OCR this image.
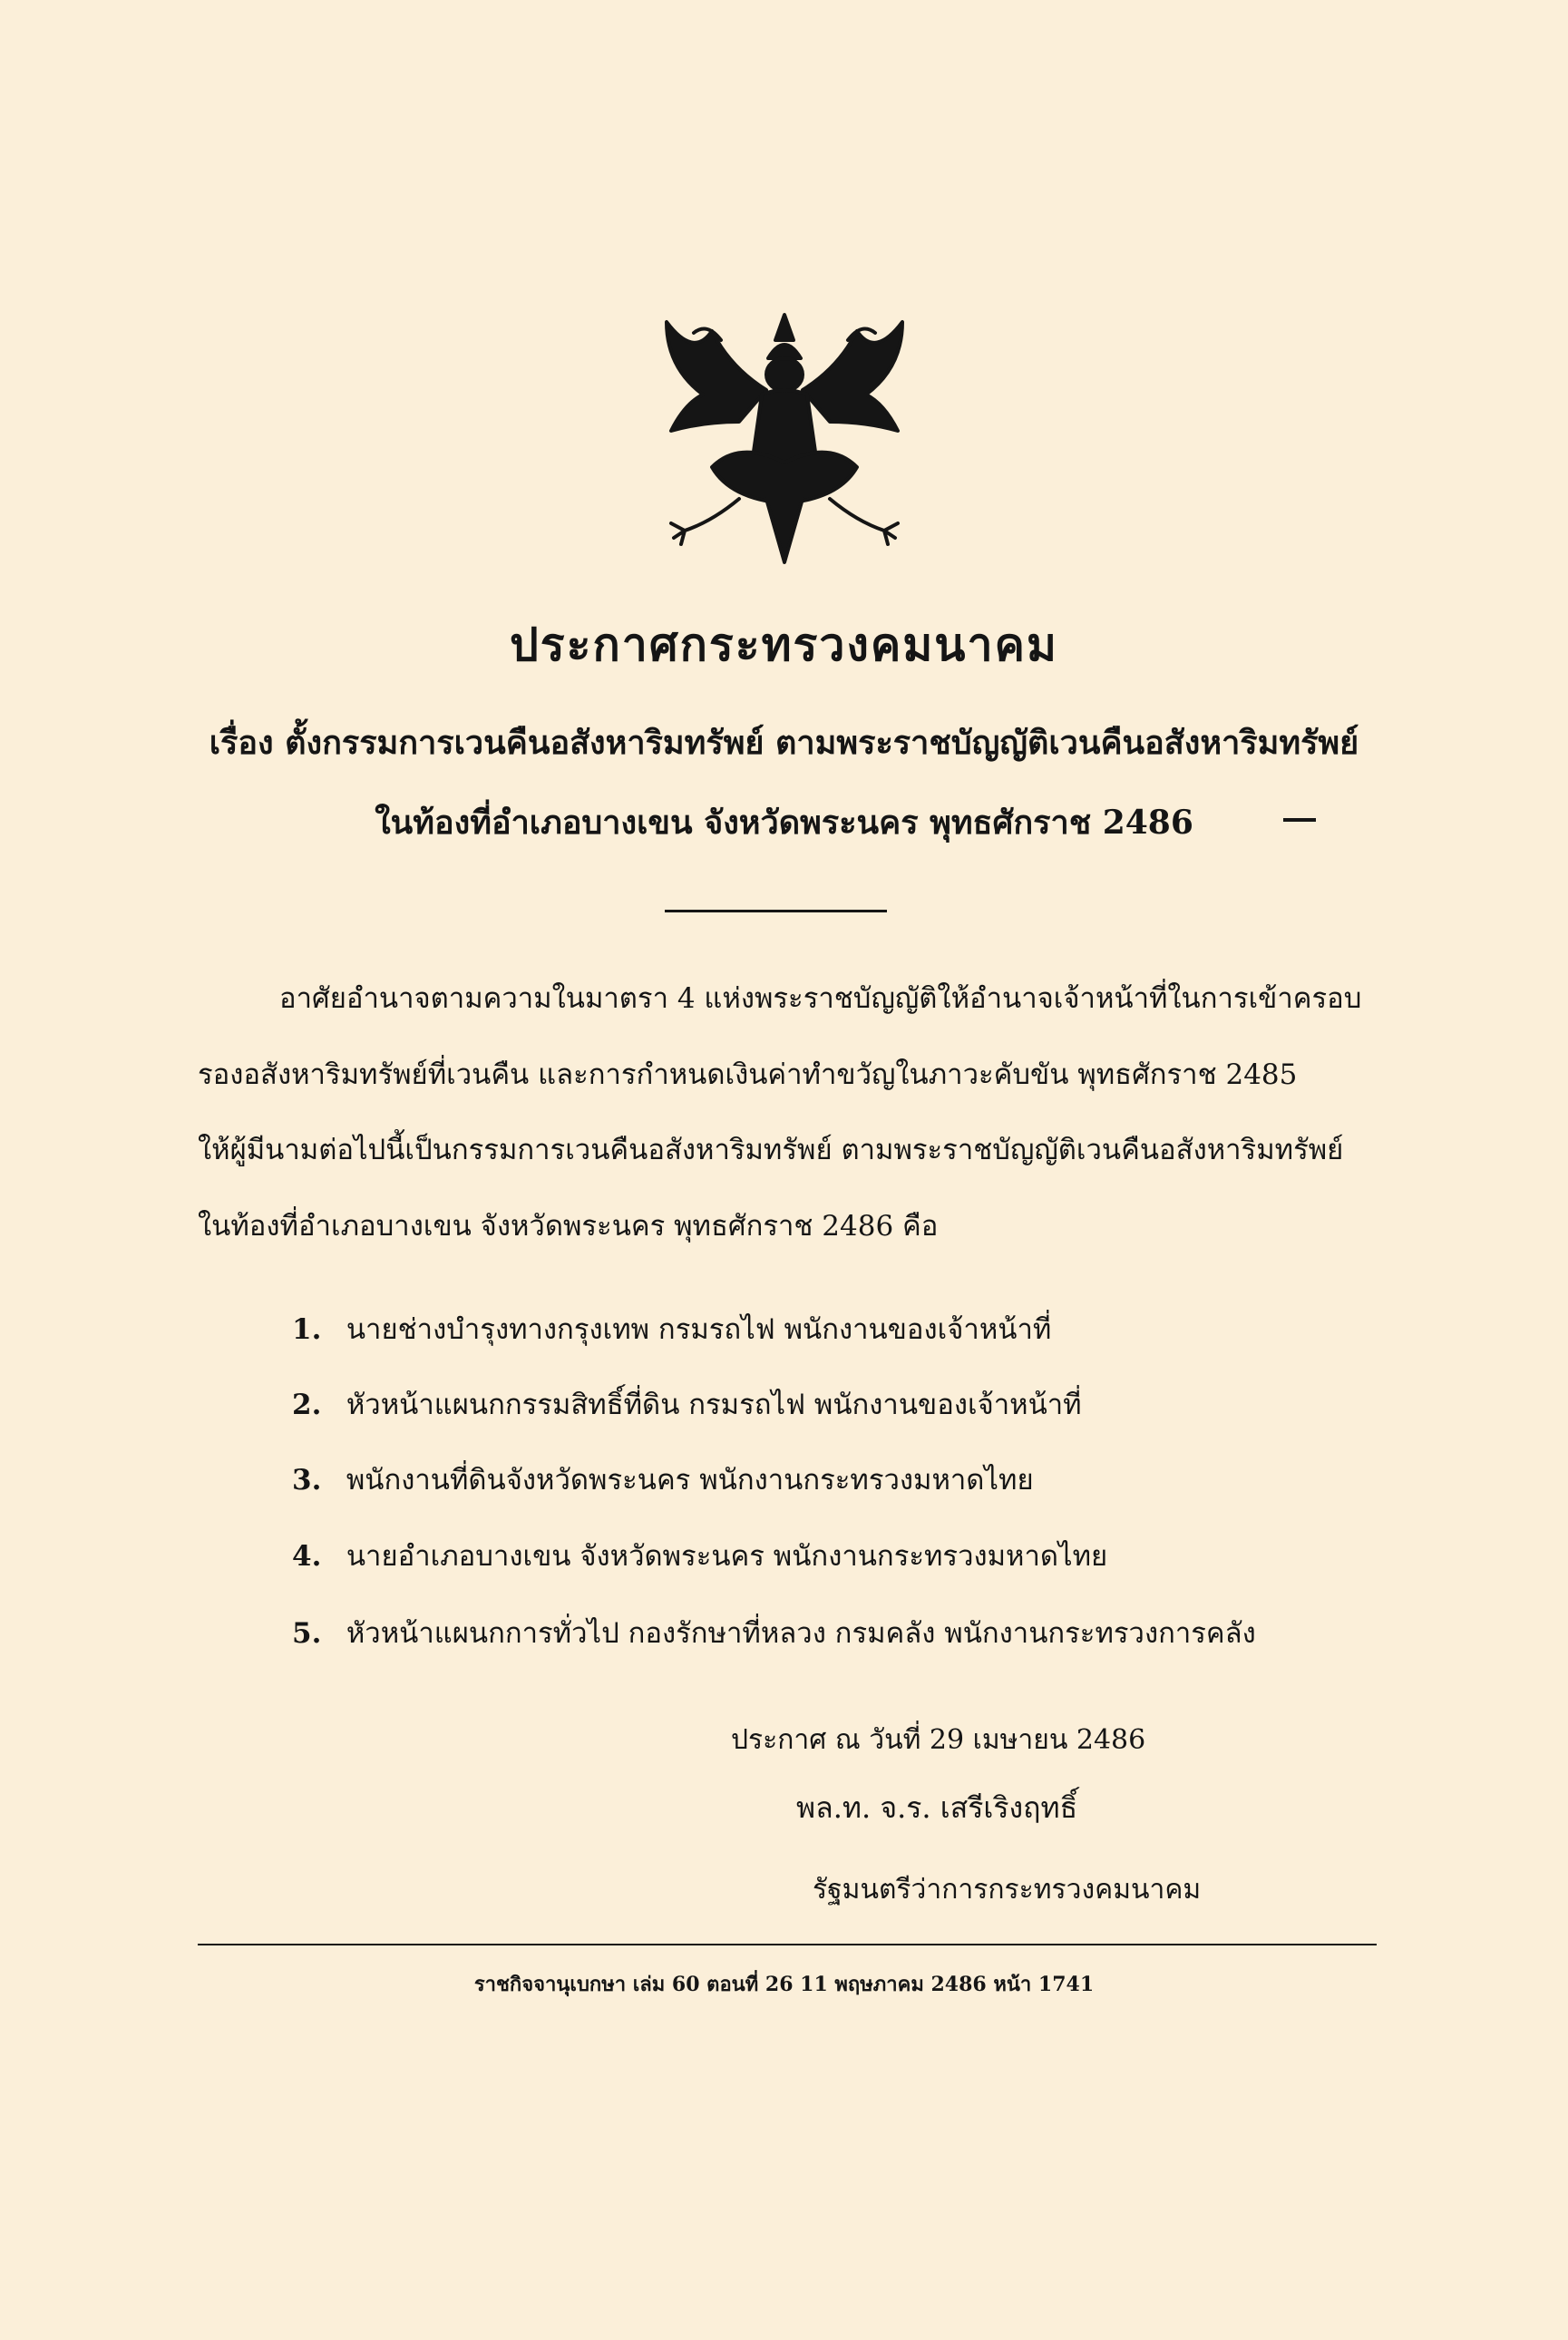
ประกาศกระทรวงคมนาคม
เรื่อง ตั้งกรรมการเวนคืนอสังหาริมทรัพย์ ตามพระราชบัญญัติเวนคืนอสังหาริมทรัพย์
ในท้องที่อำเภอบางเขน จังหวัดพระนคร พุทธศักราช 2486
อาศัยอำนาจตามความในมาตรา 4 แห่งพระราชบัญญัติให้อำนาจเจ้าหน้าที่ในการเข้าครอบ
รองอสังหาริมทรัพย์ที่เวนคืน และการกำหนดเงินค่าทำขวัญในภาวะคับขัน พุทธศักราช 2485
ให้ผู้มีนามต่อไปนี้เป็นกรรมการเวนคืนอสังหาริมทรัพย์ ตามพระราชบัญญัติเวนคืนอสังหาริมทรัพย์
ในท้องที่อำเภอบางเขน จังหวัดพระนคร พุทธศักราช 2486 คือ
1. นายช่างบำรุงทางกรุงเทพ กรมรถไฟ พนักงานของเจ้าหน้าที่
2. หัวหน้าแผนกกรรมสิทธิ์ที่ดิน กรมรถไฟ พนักงานของเจ้าหน้าที่
3. พนักงานที่ดินจังหวัดพระนคร พนักงานกระทรวงมหาดไทย
4. นายอำเภอบางเขน จังหวัดพระนคร พนักงานกระทรวงมหาดไทย
5. หัวหน้าแผนกการทั่วไป กองรักษาที่หลวง กรมคลัง พนักงานกระทรวงการคลัง
ประกาศ ณ วันที่ 29 เมษายน 2486
พล.ท. จ.ร. เสรีเริงฤทธิ์
รัฐมนตรีว่าการกระทรวงคมนาคม
ราชกิจจานุเบกษา เล่ม 60 ตอนที่ 26 11 พฤษภาคม 2486 หน้า 1741
